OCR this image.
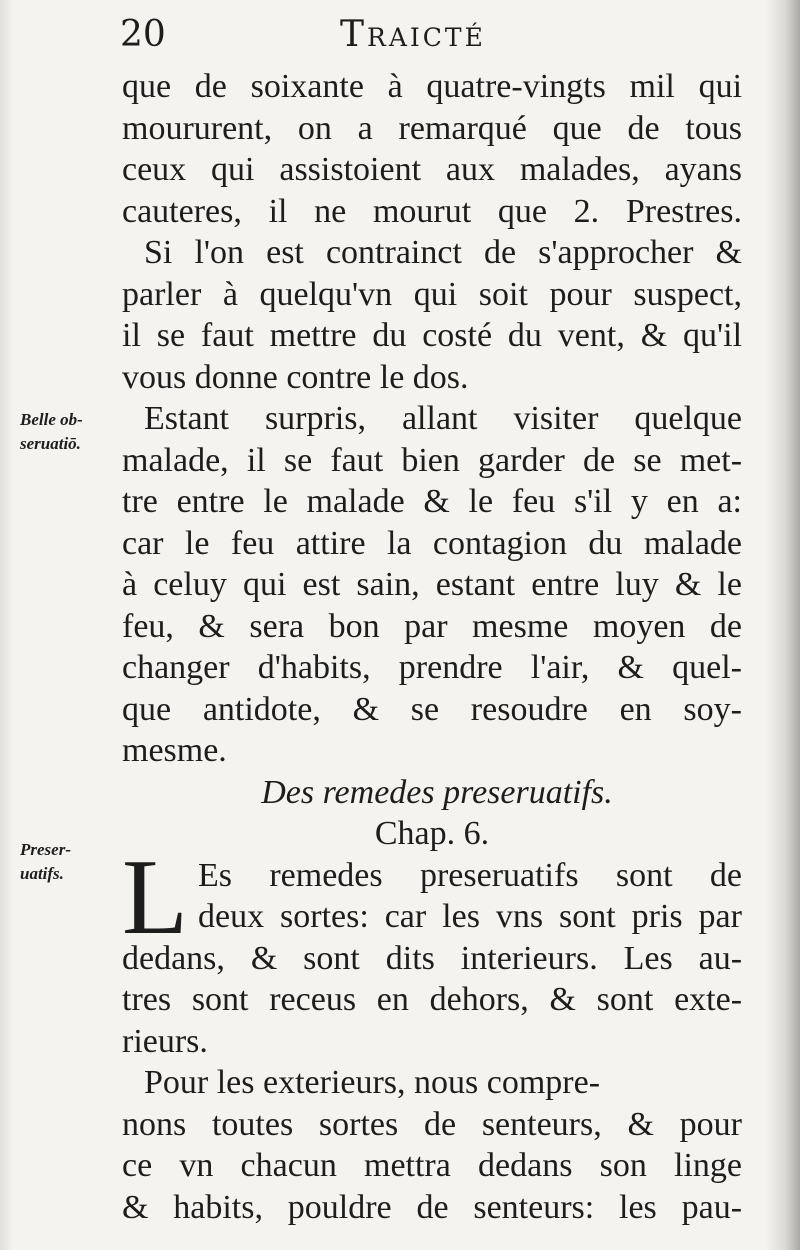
20	Traicté
Belle ob-
seruatiō.
Preser-
uatifs.
que de soixante à quatre-vingts mil qui
moururent, on a remarqué que de tous
ceux qui assistoient aux malades, ayans
cauteres, il ne mourut que 2. Prestres.
Si l'on est contrainct de s'approcher &
parler à quelqu'vn qui soit pour suspect,
il se faut mettre du costé du vent, & qu'il
vous donne contre le dos.
Estant surpris, allant visiter quelque
malade, il se faut bien garder de se met-
tre entre le malade & le feu s'il y en a:
car le feu attire la contagion du malade
à celuy qui est sain, estant entre luy & le
feu, & sera bon par mesme moyen de
changer d'habits, prendre l'air, & quel-
que antidote, & se resoudre en soy-
mesme.
Des remedes preseruatifs.
Chap. 6.
L Es remedes preseruatifs sont de
deux sortes: car les vns sont pris par
dedans, & sont dits interieurs. Les au-
tres sont receus en dehors, & sont exte-
rieurs.
Pour les exterieurs, nous compre-
nons toutes sortes de senteurs, & pour
ce vn chacun mettra dedans son linge
& habits, pouldre de senteurs: les pau-
